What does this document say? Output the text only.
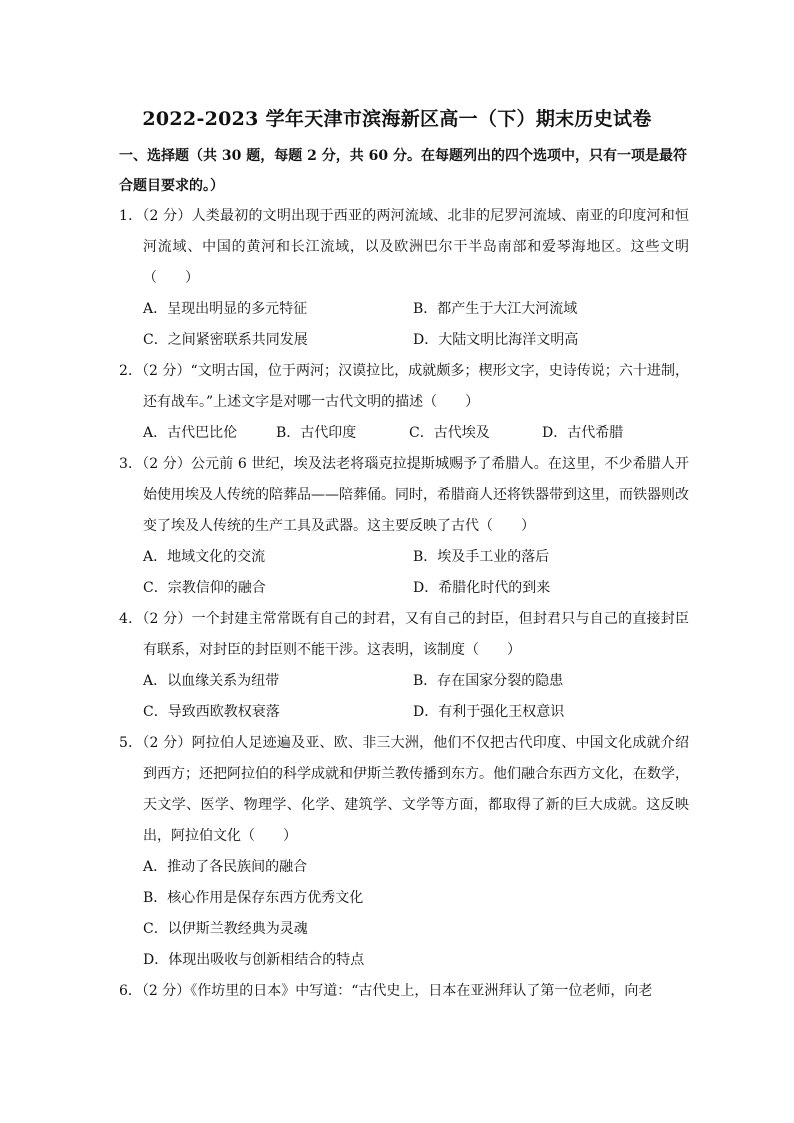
2022-2023 学年天津市滨海新区高一（下）期末历史试卷
一、选择题（共 30 题，每题 2 分，共 60 分。在每题列出的四个选项中，只有一项是最符合题目要求的。）
1．（2 分）人类最初的文明出现于西亚的两河流域、北非的尼罗河流域、南亚的印度河和恒河流域、中国的黄河和长江流域，以及欧洲巴尔干半岛南部和爱琴海地区。这些文明（　　）
A．呈现出明显的多元特征	B．都产生于大江大河流域
C．之间紧密联系共同发展	D．大陆文明比海洋文明高
2．（2 分）“文明古国，位于两河；汉谟拉比，成就颇多；楔形文字，史诗传说；六十进制，还有战车。”上述文字是对哪一古代文明的描述（　　）
A．古代巴比伦	B．古代印度	C．古代埃及	D．古代希腊
3．（2 分）公元前 6 世纪，埃及法老将瑙克拉提斯城赐予了希腊人。在这里，不少希腊人开始使用埃及人传统的陪葬品——陪葬俑。同时，希腊商人还将铁器带到这里，而铁器则改变了埃及人传统的生产工具及武器。这主要反映了古代（　　）
A．地域文化的交流	B．埃及手工业的落后
C．宗教信仰的融合	D．希腊化时代的到来
4．（2 分）一个封建主常常既有自己的封君，又有自己的封臣，但封君只与自己的直接封臣有联系，对封臣的封臣则不能干涉。这表明，该制度（　　）
A．以血缘关系为纽带	B．存在国家分裂的隐患
C．导致西欧教权衰落	D．有利于强化王权意识
5．（2 分）阿拉伯人足迹遍及亚、欧、非三大洲，他们不仅把古代印度、中国文化成就介绍到西方；还把阿拉伯的科学成就和伊斯兰教传播到东方。他们融合东西方文化，在数学，天文学、医学、物理学、化学、建筑学、文学等方面，都取得了新的巨大成就。这反映出，阿拉伯文化（　　）
A．推动了各民族间的融合
B．核心作用是保存东西方优秀文化
C．以伊斯兰教经典为灵魂
D．体现出吸收与创新相结合的特点
6．（2 分）《作坊里的日本》中写道：“古代史上，日本在亚洲拜认了第一位老师，向老
